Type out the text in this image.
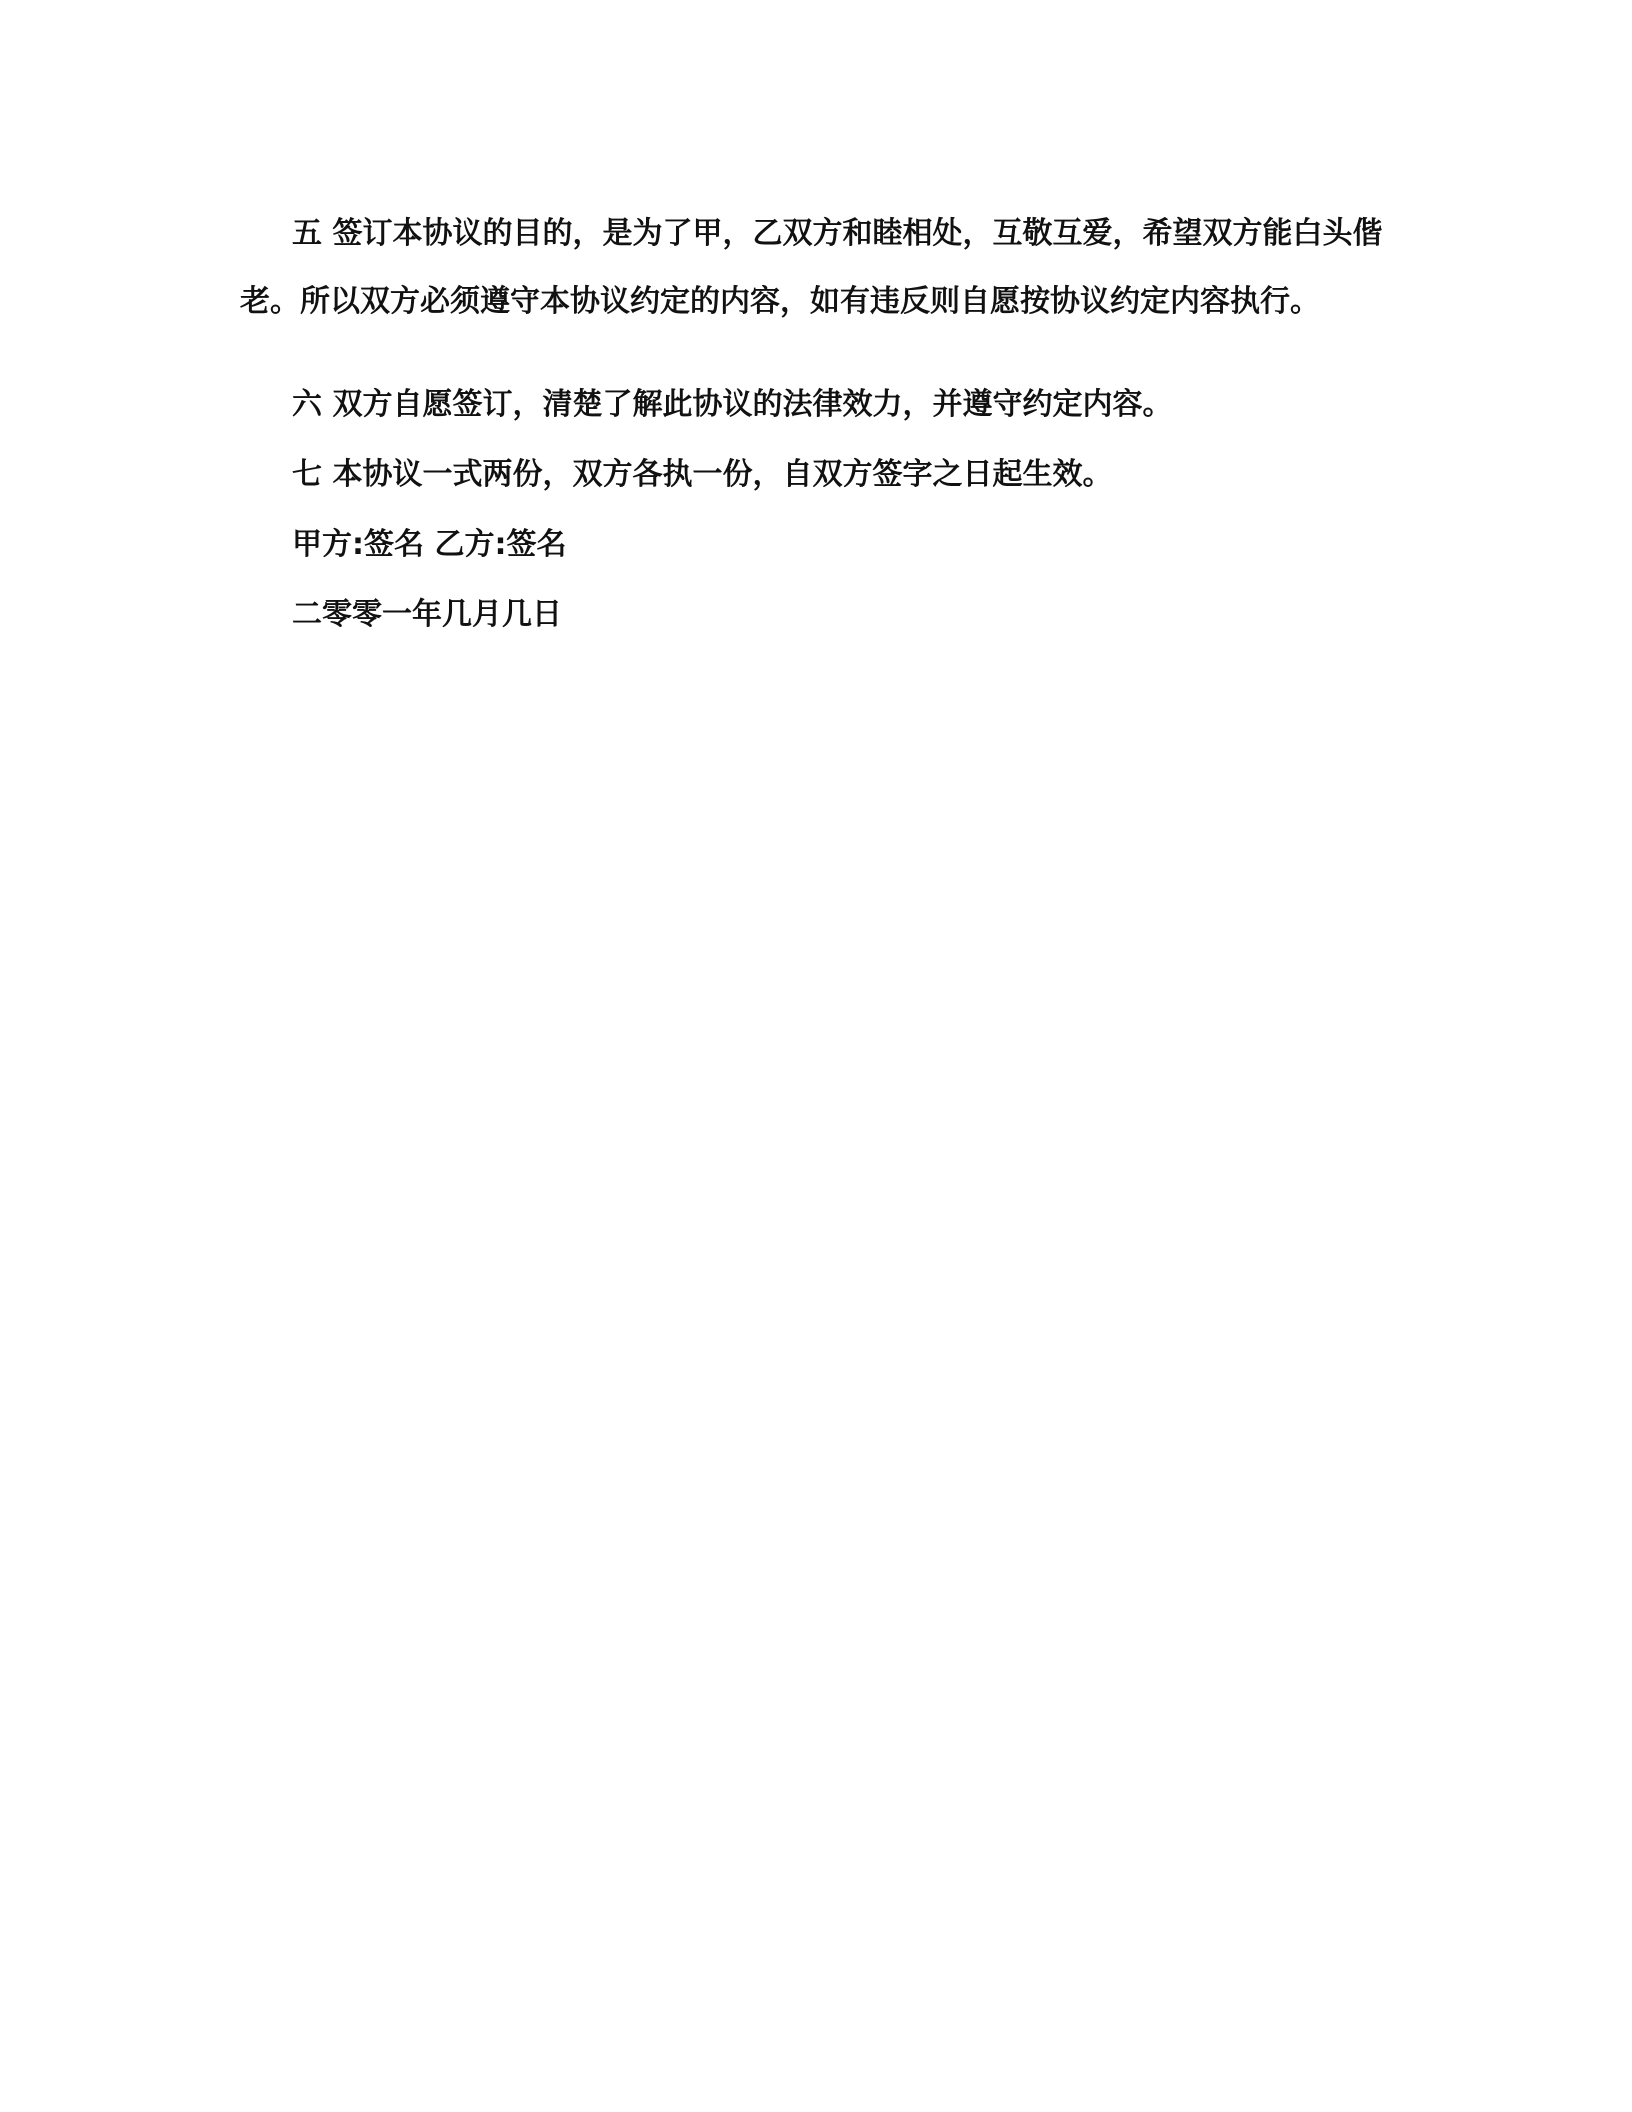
五 签订本协议的目的，是为了甲，乙双方和睦相处，互敬互爱，希望双方能白头偕老。所以双方必须遵守本协议约定的内容，如有违反则自愿按协议约定内容执行。

六 双方自愿签订，清楚了解此协议的法律效力，并遵守约定内容。

七 本协议一式两份，双方各执一份，自双方签字之日起生效。

甲方:签名 乙方:签名

二零零一年几月几日
